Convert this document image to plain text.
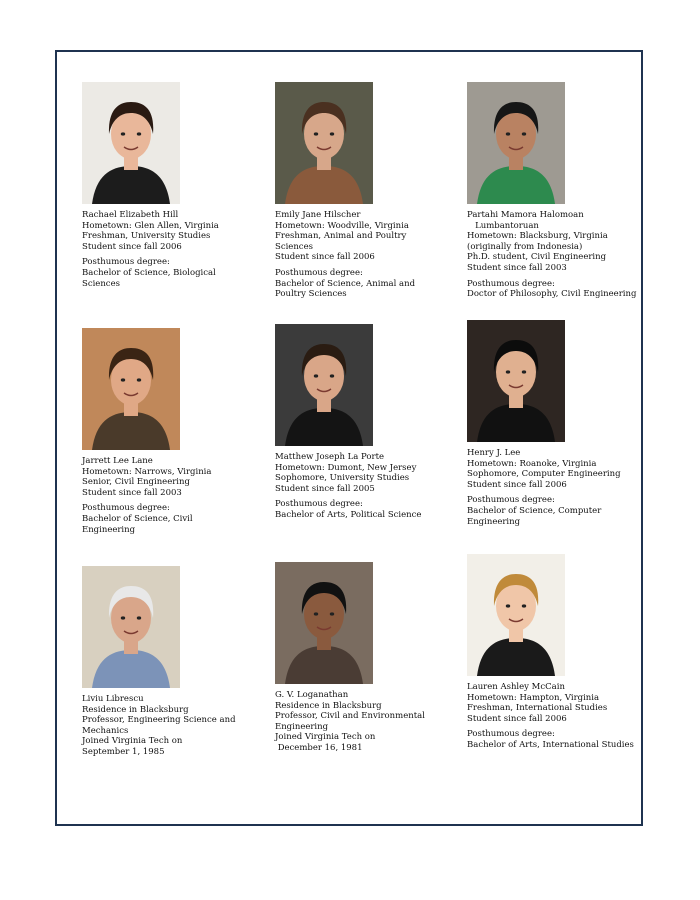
Rachael Elizabeth Hill
Hometown: Glen Allen, Virginia
Freshman, University Studies
Student since fall 2006
Posthumous degree:
Bachelor of Science, Biological
Sciences
Emily Jane Hilscher
Hometown: Woodville, Virginia
Freshman, Animal and Poultry
Sciences
Student since fall 2006
Posthumous degree:
Bachelor of Science, Animal and
Poultry Sciences
Partahi Mamora Halomoan
Lumbantoruan
Hometown: Blacksburg, Virginia
(originally from Indonesia)
Ph.D. student, Civil Engineering
Student since fall 2003
Posthumous degree:
Doctor of Philosophy, Civil Engineering
Jarrett Lee Lane
Hometown: Narrows, Virginia
Senior, Civil Engineering
Student since fall 2003
Posthumous degree:
Bachelor of Science, Civil
Engineering
Matthew Joseph La Porte
Hometown: Dumont, New Jersey
Sophomore, University Studies
Student since fall 2005
Posthumous degree:
Bachelor of Arts, Political Science
Henry J. Lee
Hometown: Roanoke, Virginia
Sophomore, Computer Engineering
Student since fall 2006
Posthumous degree:
Bachelor of Science, Computer
Engineering
Liviu Librescu
Residence in Blacksburg
Professor, Engineering Science and
Mechanics
Joined Virginia Tech on
September 1, 1985
G. V. Loganathan
Residence in Blacksburg
Professor, Civil and Environmental
Engineering
Joined Virginia Tech on
December 16, 1981
Lauren Ashley McCain
Hometown: Hampton, Virginia
Freshman, International Studies
Student since fall 2006
Posthumous degree:
Bachelor of Arts, International Studies
